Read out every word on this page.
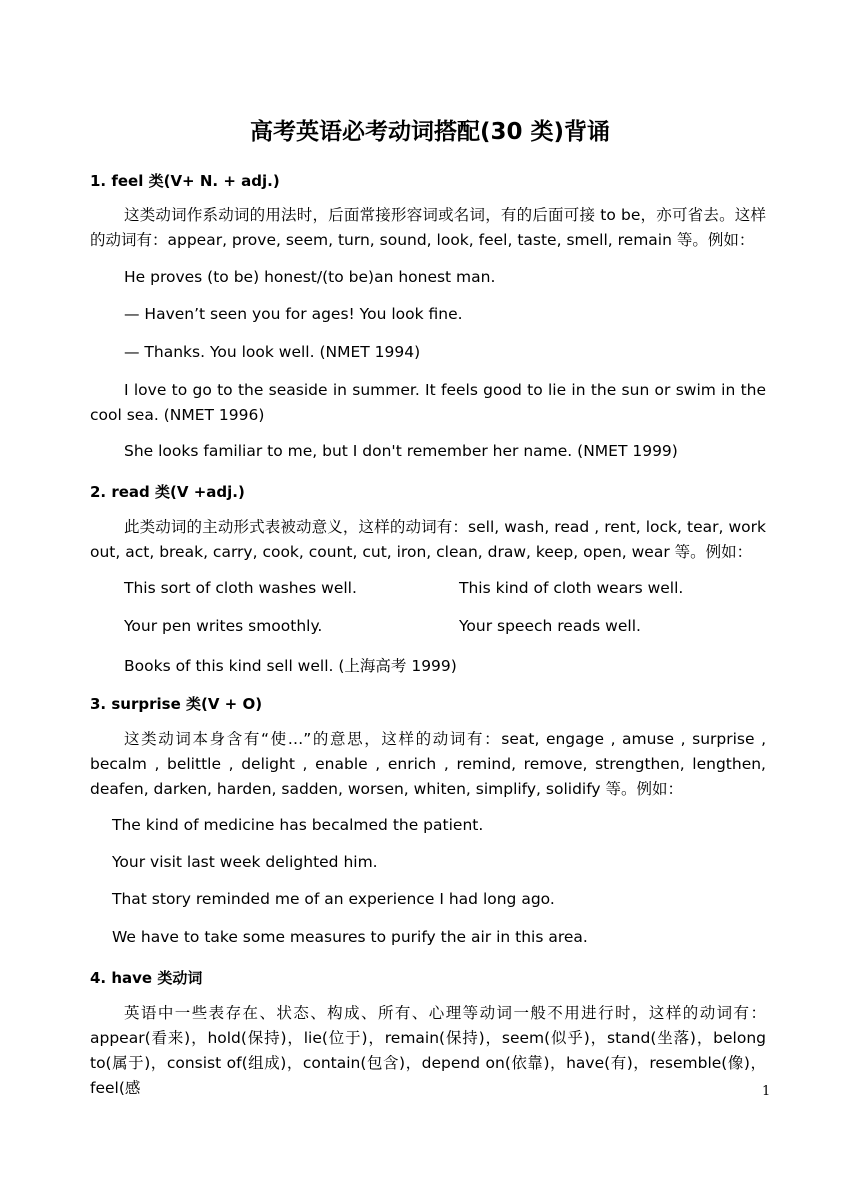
高考英语必考动词搭配(30 类)背诵
1. feel 类(V+ N. + adj.)
这类动词作系动词的用法时，后面常接形容词或名词，有的后面可接 to be，亦可省去。这样的动词有：appear, prove, seem, turn, sound, look, feel, taste, smell, remain 等。例如：
He proves (to be) honest/(to be)an honest man.
— Haven’t seen you for ages! You look fine.
— Thanks. You look well. (NMET 1994)
I love to go to the seaside in summer. It feels good to lie in the sun or swim in the cool sea. (NMET 1996)
She looks familiar to me, but I don't remember her name. (NMET 1999)
2. read 类(V +adj.)
此类动词的主动形式表被动意义，这样的动词有：sell, wash, read , rent, lock, tear, work out, act, break, carry, cook, count, cut, iron, clean, draw, keep, open, wear 等。例如：
This sort of cloth washes well.	This kind of cloth wears well.
Your pen writes smoothly.	Your speech reads well.
Books of this kind sell well. (上海高考 1999)
3. surprise 类(V + O)
这类动词本身含有“使…”的意思，这样的动词有：seat, engage , amuse , surprise , becalm , belittle , delight , enable , enrich , remind, remove, strengthen, lengthen, deafen, darken, harden, sadden, worsen, whiten, simplify, solidify 等。例如：
The kind of medicine has becalmed the patient.
Your visit last week delighted him.
That story reminded me of an experience I had long ago.
We have to take some measures to purify the air in this area.
4. have 类动词
英语中一些表存在、状态、构成、所有、心理等动词一般不用进行时，这样的动词有：appear(看来)，hold(保持)，lie(位于)，remain(保持)，seem(似乎)，stand(坐落)，belong to(属于)，consist of(组成)，contain(包含)，depend on(依靠)，have(有)，resemble(像)，feel(感	1
